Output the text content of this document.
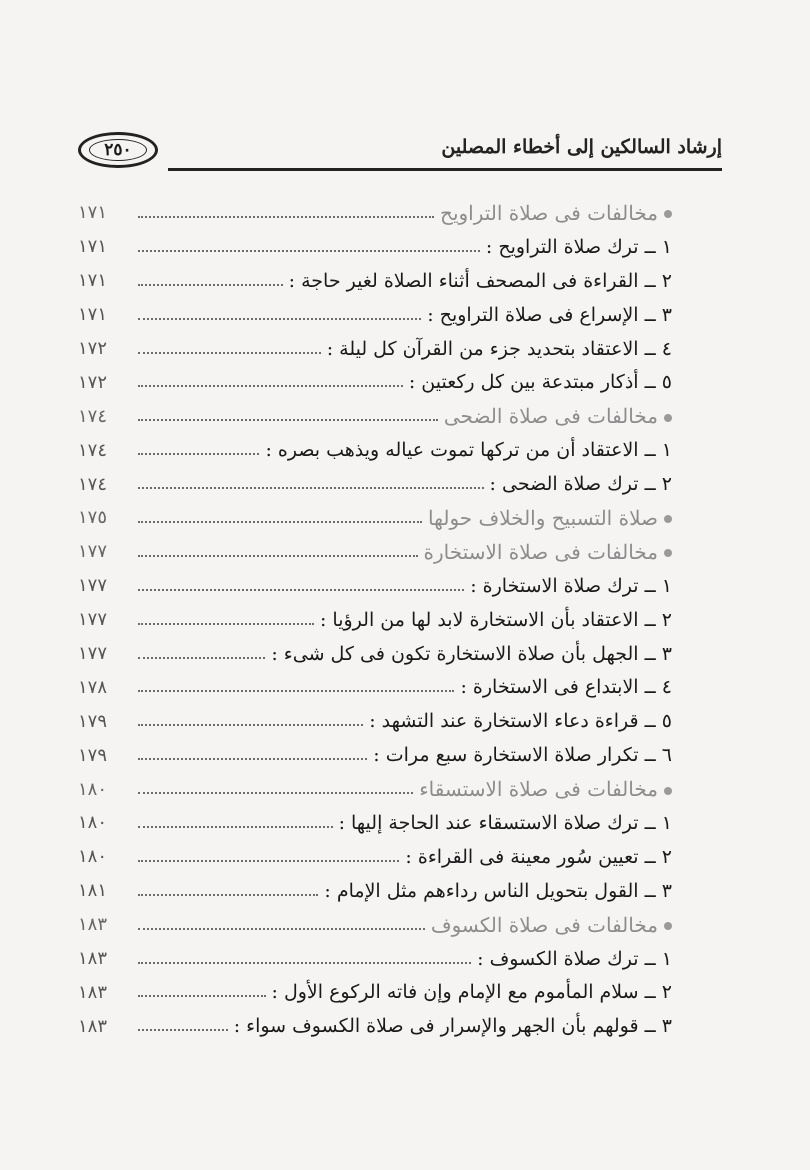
٢٥٠	إرشاد السالكين إلى أخطاء المصلين
مخالفات فى صلاة التراويح
١٧١
١ ــ ترك صلاة التراويح :
١٧١
٢ ــ القراءة فى المصحف أثناء الصلاة لغير حاجة :
١٧١
٣ ــ الإسراع فى صلاة التراويح :
١٧١
٤ ــ الاعتقاد بتحديد جزء من القرآن كل ليلة :
١٧٢
٥ ــ أذكار مبتدعة بين كل ركعتين :
١٧٢
مخالفات فى صلاة الضحى
١٧٤
١ ــ الاعتقاد أن من تركها تموت عياله ويذهب بصره :
١٧٤
٢ ــ ترك صلاة الضحى :
١٧٤
صلاة التسبيح والخلاف حولها
١٧٥
مخالفات فى صلاة الاستخارة
١٧٧
١ ــ ترك صلاة الاستخارة :
١٧٧
٢ ــ الاعتقاد بأن الاستخارة لابد لها من الرؤيا :
١٧٧
٣ ــ الجهل بأن صلاة الاستخارة تكون فى كل شىء :
١٧٧
٤ ــ الابتداع فى الاستخارة :
١٧٨
٥ ــ قراءة دعاء الاستخارة عند التشهد :
١٧٩
٦ ــ تكرار صلاة الاستخارة سبع مرات :
١٧٩
مخالفات فى صلاة الاستسقاء
١٨٠
١ ــ ترك صلاة الاستسقاء عند الحاجة إليها :
١٨٠
٢ ــ تعيين سُور معينة فى القراءة :
١٨٠
٣ ــ القول بتحويل الناس رداءهم مثل الإمام :
١٨١
مخالفات فى صلاة الكسوف
١٨٣
١ ــ ترك صلاة الكسوف :
١٨٣
٢ ــ سلام المأموم مع الإمام وإن فاته الركوع الأول :
١٨٣
٣ ــ قولهم بأن الجهر والإسرار فى صلاة الكسوف سواء :
١٨٣
